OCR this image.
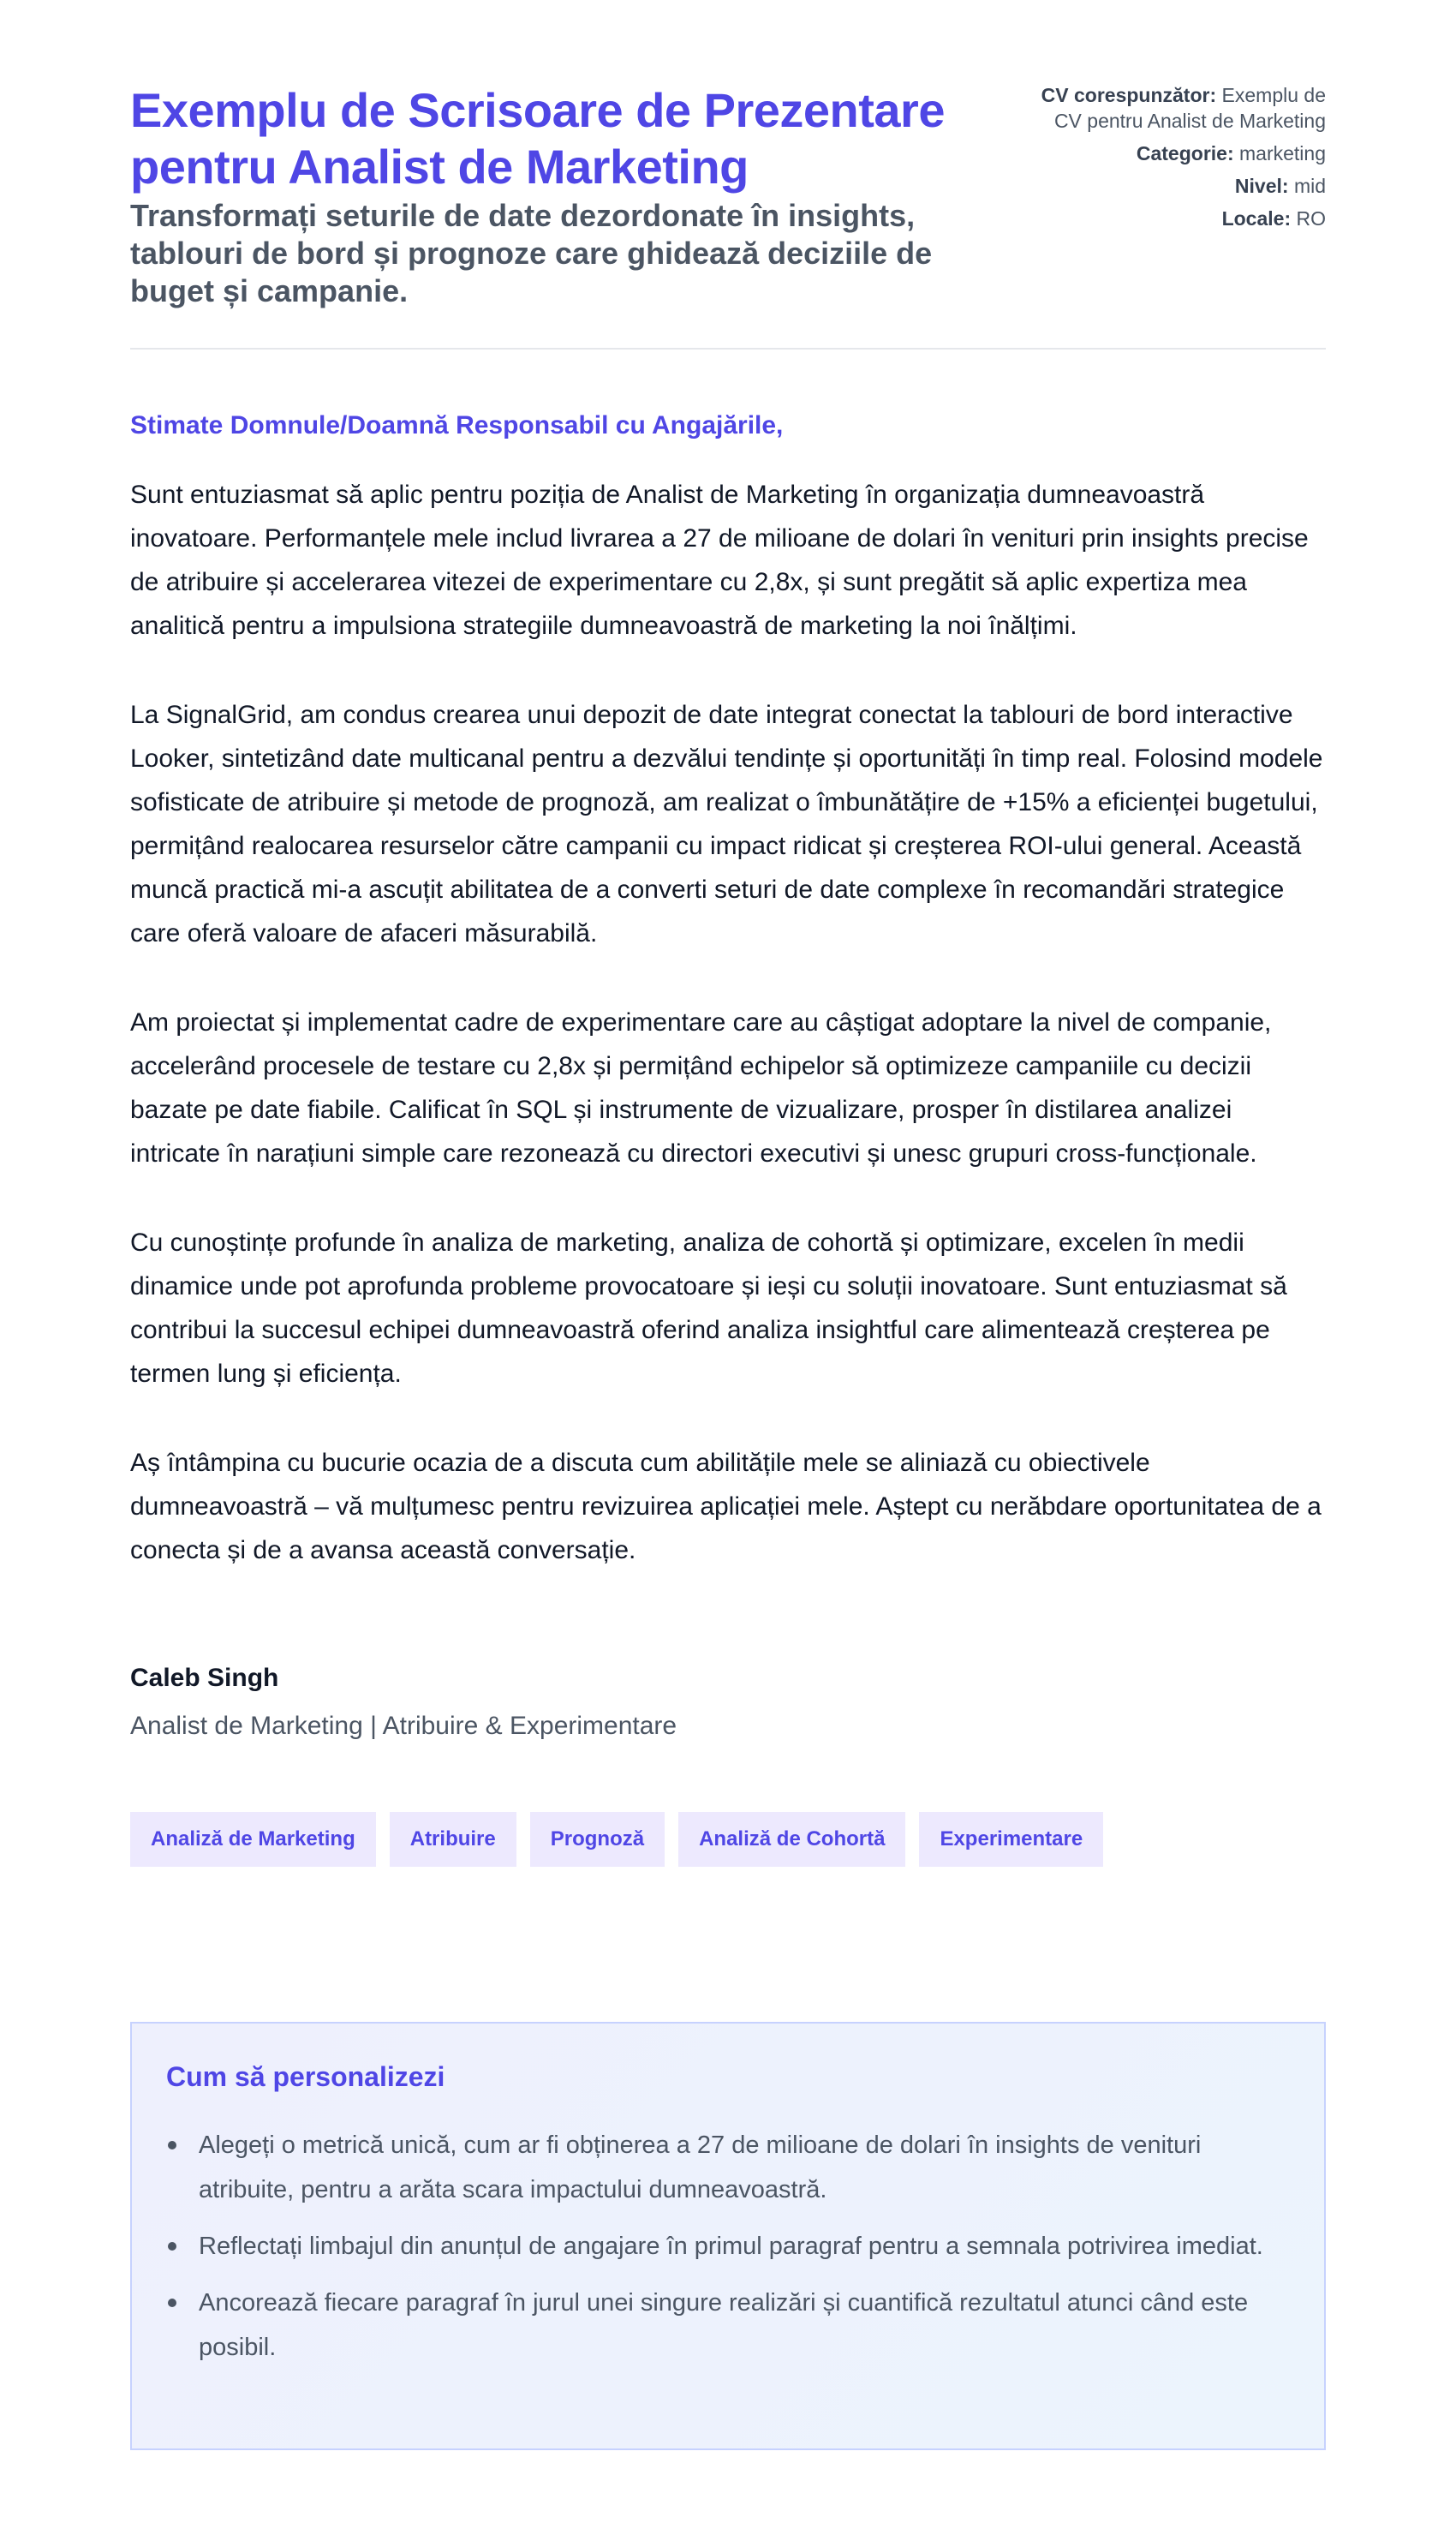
Exemplu de Scrisoare de Prezentare pentru Analist de Marketing
Transformați seturile de date dezordonate în insights, tablouri de bord și prognoze care ghidează deciziile de buget și campanie.
CV corespunzător: Exemplu de CV pentru Analist de Marketing
Categorie: marketing
Nivel: mid
Locale: RO
Stimate Domnule/Doamnă Responsabil cu Angajările,

Sunt entuziasmat să aplic pentru poziția de Analist de Marketing în organizația dumneavoastră inovatoare. Performanțele mele includ livrarea a 27 de milioane de dolari în venituri prin insights precise de atribuire și accelerarea vitezei de experimentare cu 2,8x, și sunt pregătit să aplic expertiza mea analitică pentru a impulsiona strategiile dumneavoastră de marketing la noi înălțimi.

La SignalGrid, am condus crearea unui depozit de date integrat conectat la tablouri de bord interactive Looker, sintetizând date multicanal pentru a dezvălui tendințe și oportunități în timp real. Folosind modele sofisticate de atribuire și metode de prognoză, am realizat o îmbunătățire de +15% a eficienței bugetului, permițând realocarea resurselor către campanii cu impact ridicat și creșterea ROI-ului general. Această muncă practică mi-a ascuțit abilitatea de a converti seturi de date complexe în recomandări strategice care oferă valoare de afaceri măsurabilă.

Am proiectat și implementat cadre de experimentare care au câștigat adoptare la nivel de companie, accelerând procesele de testare cu 2,8x și permițând echipelor să optimizeze campaniile cu decizii bazate pe date fiabile. Calificat în SQL și instrumente de vizualizare, prosper în distilarea analizei intricate în narațiuni simple care rezonează cu directori executivi și unesc grupuri cross-funcționale.

Cu cunoștințe profunde în analiza de marketing, analiza de cohortă și optimizare, excelen în medii dinamice unde pot aprofunda probleme provocatoare și ieși cu soluții inovatoare. Sunt entuziasmat să contribui la succesul echipei dumneavoastră oferind analiza insightful care alimentează creșterea pe termen lung și eficiența.

Aș întâmpina cu bucurie ocazia de a discuta cum abilitățile mele se aliniază cu obiectivele dumneavoastră – vă mulțumesc pentru revizuirea aplicației mele. Aștept cu nerăbdare oportunitatea de a conecta și de a avansa această conversație.

Caleb Singh
Analist de Marketing | Atribuire & Experimentare
Analiză de Marketing	Atribuire	Prognoză	Analiză de Cohortă	Experimentare
Cum să personalizezi
Alegeți o metrică unică, cum ar fi obținerea a 27 de milioane de dolari în insights de venituri atribuite, pentru a arăta scara impactului dumneavoastră.
Reflectați limbajul din anunțul de angajare în primul paragraf pentru a semnala potrivirea imediat.
Ancorează fiecare paragraf în jurul unei singure realizări și cuantifică rezultatul atunci când este posibil.
